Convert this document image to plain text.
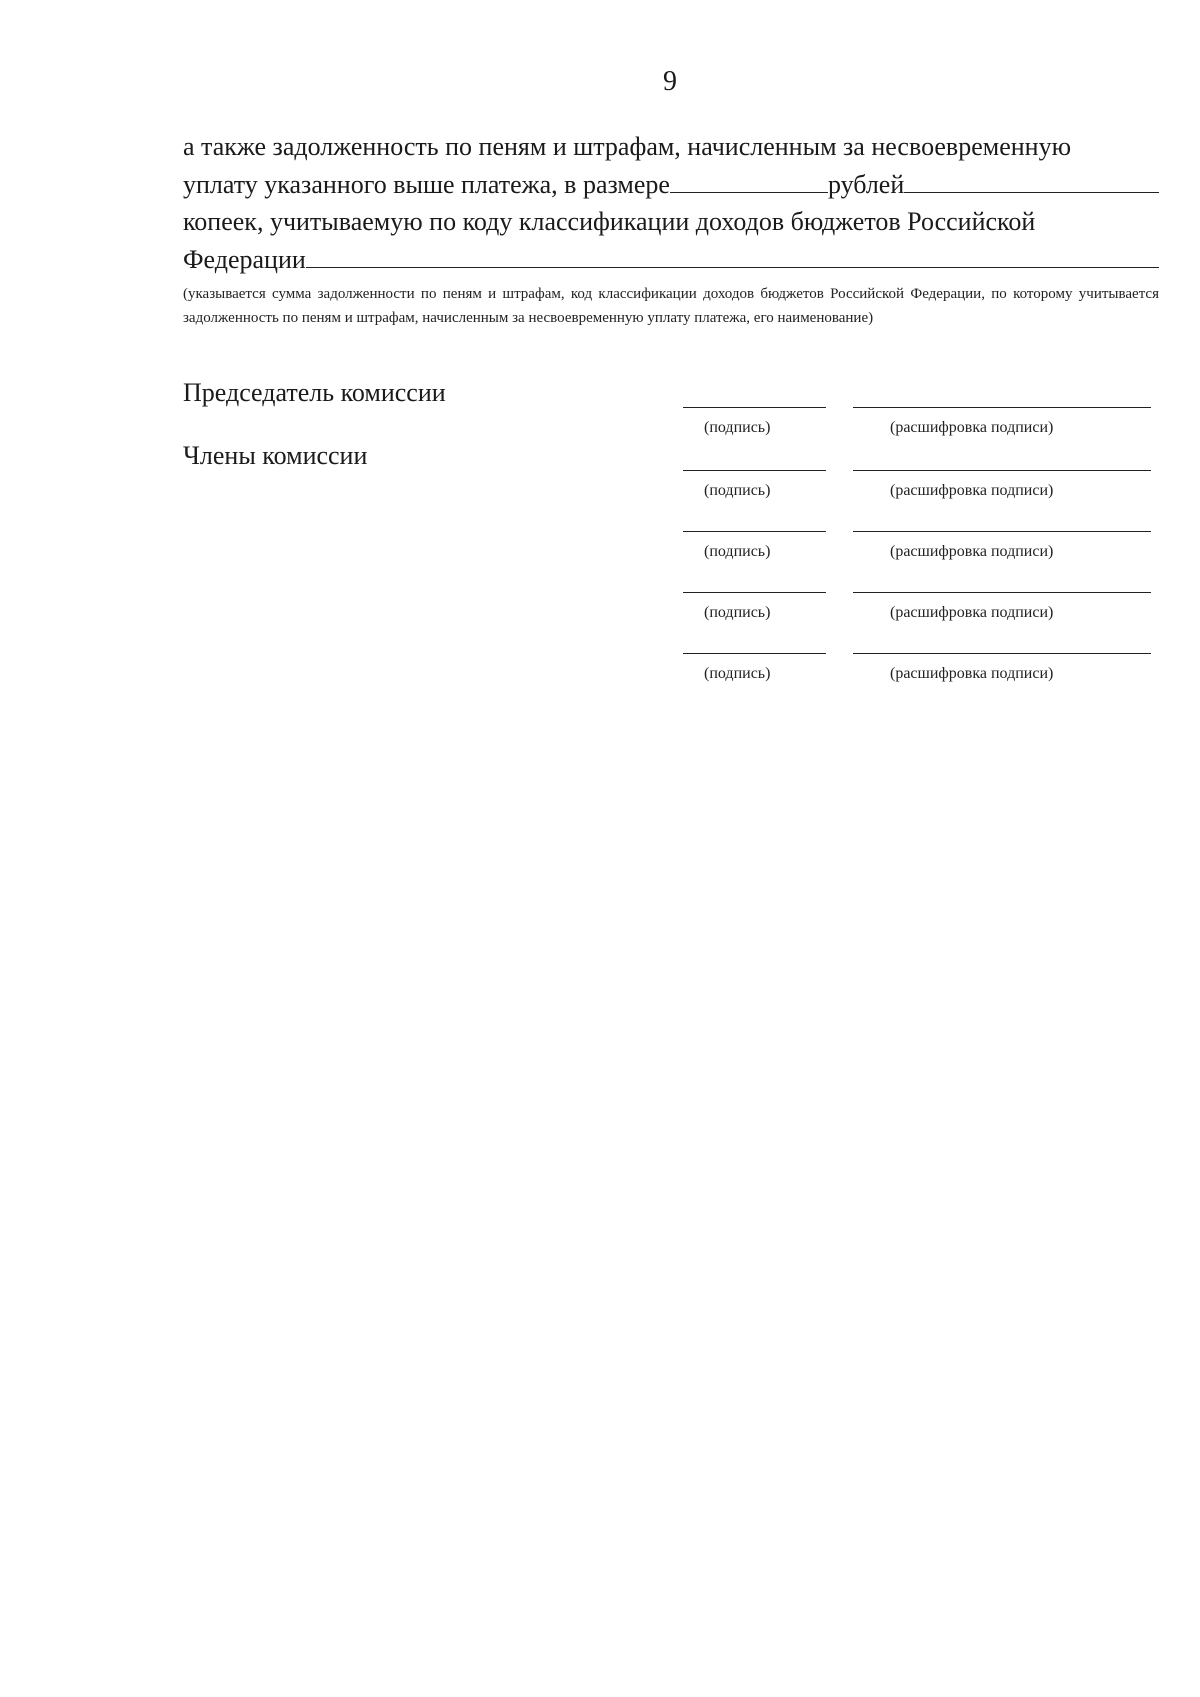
9
а также задолженность по пеням и штрафам, начисленным за несвоевременную
уплату указанного выше платежа, в размере	рублей
копеек, учитываемую по коду классификации доходов бюджетов Российской
Федерации
(указывается сумма задолженности по пеням и штрафам, код классификации доходов бюджетов Российской Федерации, по которому учитывается задолженность по пеням и штрафам, начисленным за несвоевременную уплату платежа, его наименование)
Председатель комиссии
Члены комиссии
(подпись)	(расшифровка подписи)
(подпись)	(расшифровка подписи)
(подпись)	(расшифровка подписи)
(подпись)	(расшифровка подписи)
(подпись)	(расшифровка подписи)
